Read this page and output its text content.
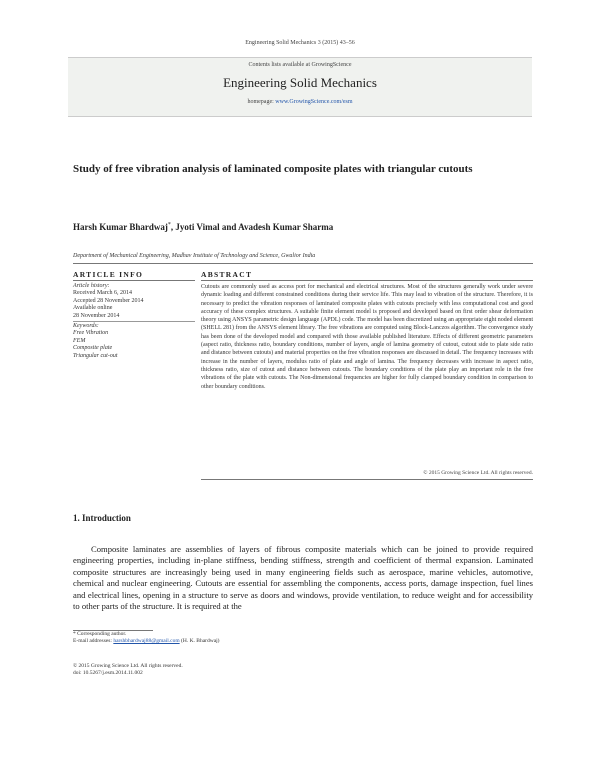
Engineering Solid Mechanics 3 (2015) 43–56
Contents lists available at GrowingScience
Engineering Solid Mechanics
homepage: www.GrowingScience.com/esm
Study of free vibration analysis of laminated composite plates with triangular cutouts
Harsh Kumar Bhardwaj*, Jyoti Vimal and Avadesh Kumar Sharma
Department of Mechanical Engineering, Madhav Institute of Technology and Science, Gwalior India
ARTICLE INFO	ABSTRACT
Article history:
Received March 6, 2014
Accepted 28 November 2014
Available online
28 November 2014
Keywords:
Free Vibration
FEM
Composite plate
Triangular cut-out
Cutouts are commonly used as access port for mechanical and electrical structures. Most of the structures generally work under severe dynamic loading and different constrained conditions during their service life. This may lead to vibration of the structure. Therefore, it is necessary to predict the vibration responses of laminated composite plates with cutouts precisely with less computational cost and good accuracy of these complex structures. A suitable finite element model is proposed and developed based on first order shear deformation theory using ANSYS parametric design language (APDL) code. The model has been discretized using an appropriate eight noded element (SHELL 281) from the ANSYS element library. The free vibrations are computed using Block-Lanczos algorithm. The convergence study has been done of the developed model and compared with those available published literature. Effects of different geometric parameters (aspect ratio, thickness ratio, boundary conditions, number of layers, angle of lamina geometry of cutout, cutout side to plate side ratio and distance between cutouts) and material properties on the free vibration responses are discussed in detail. The frequency increases with increase in the number of layers, modulus ratio of plate and angle of lamina. The frequency decreases with increase in aspect ratio, thickness ratio, size of cutout and distance between cutouts. The boundary conditions of the plate play an important role in the free vibrations of the plate with cutouts. The Non-dimensional frequencies are higher for fully clamped boundary condition in comparison to other boundary conditions.
© 2015 Growing Science Ltd. All rights reserved.
1. Introduction
Composite laminates are assemblies of layers of fibrous composite materials which can be joined to provide required engineering properties, including in-plane stiffness, bending stiffness, strength and coefficient of thermal expansion. Laminated composite structures are increasingly being used in many engineering fields such as aerospace, marine vehicles, automotive, chemical and nuclear engineering. Cutouts are essential for assembling the components, access ports, damage inspection, fuel lines and electrical lines, opening in a structure to serve as doors and windows, provide ventilation, to reduce weight and for accessibility to other parts of the structure. It is required at the
* Corresponding author.
E-mail addresses: harshbhardwaj88@gmail.com (H. K. Bhardwaj)
© 2015 Growing Science Ltd. All rights reserved.
doi: 10.5267/j.esm.2014.11.002
